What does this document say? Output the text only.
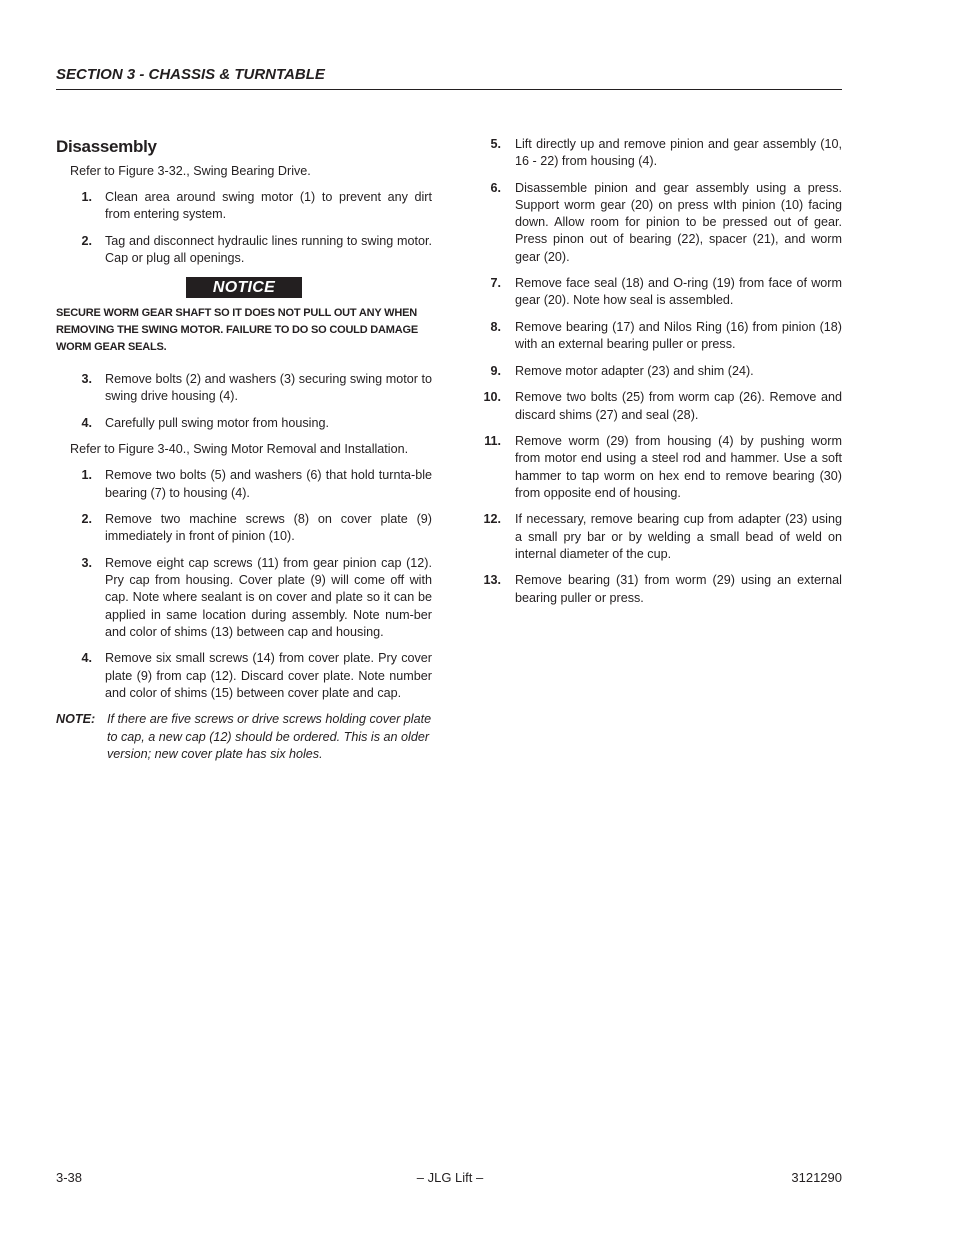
SECTION 3 - CHASSIS & TURNTABLE
Disassembly

Refer to Figure 3-32., Swing Bearing Drive.

1. Clean area around swing motor (1) to prevent any dirt from entering system.
2. Tag and disconnect hydraulic lines running to swing motor. Cap or plug all openings.
NOTICE

SECURE WORM GEAR SHAFT SO IT DOES NOT PULL OUT ANY WHEN REMOVING THE SWING MOTOR. FAILURE TO DO SO COULD DAMAGE WORM GEAR SEALS.

3. Remove bolts (2) and washers (3) securing swing motor to swing drive housing (4).
4. Carefully pull swing motor from housing.

Refer to Figure 3-40., Swing Motor Removal and Installation.

1. Remove two bolts (5) and washers (6) that hold turnta-ble bearing (7) to housing (4).
2. Remove two machine screws (8) on cover plate (9) immediately in front of pinion (10).
3. Remove eight cap screws (11) from gear pinion cap (12). Pry cap from housing. Cover plate (9) will come off with cap. Note where sealant is on cover and plate so it can be applied in same location during assembly. Note num-ber and color of shims (13) between cap and housing.
4. Remove six small screws (14) from cover plate. Pry cover plate (9) from cap (12). Discard cover plate. Note number and color of shims (15) between cover plate and cap.
NOTE: If there are five screws or drive screws holding cover plate to cap, a new cap (12) should be ordered. This is an older version; new cover plate has six holes.
5. Lift directly up and remove pinion and gear assembly (10, 16 - 22) from housing (4).
6. Disassemble pinion and gear assembly using a press. Support worm gear (20) on press wIth pinion (10) facing down. Allow room for pinion to be pressed out of gear. Press pinon out of bearing (22), spacer (21), and worm gear (20).
7. Remove face seal (18) and O-ring (19) from face of worm gear (20). Note how seal is assembled.
8. Remove bearing (17) and Nilos Ring (16) from pinion (18) with an external bearing puller or press.
9. Remove motor adapter (23) and shim (24).
10. Remove two bolts (25) from worm cap (26). Remove and discard shims (27) and seal (28).
11. Remove worm (29) from housing (4) by pushing worm from motor end using a steel rod and hammer. Use a soft hammer to tap worm on hex end to remove bearing (30) from opposite end of housing.
12. If necessary, remove bearing cup from adapter (23) using a small pry bar or by welding a small bead of weld on internal diameter of the cup.
13. Remove bearing (31) from worm (29) using an external bearing puller or press.
3-38	– JLG Lift –	3121290
